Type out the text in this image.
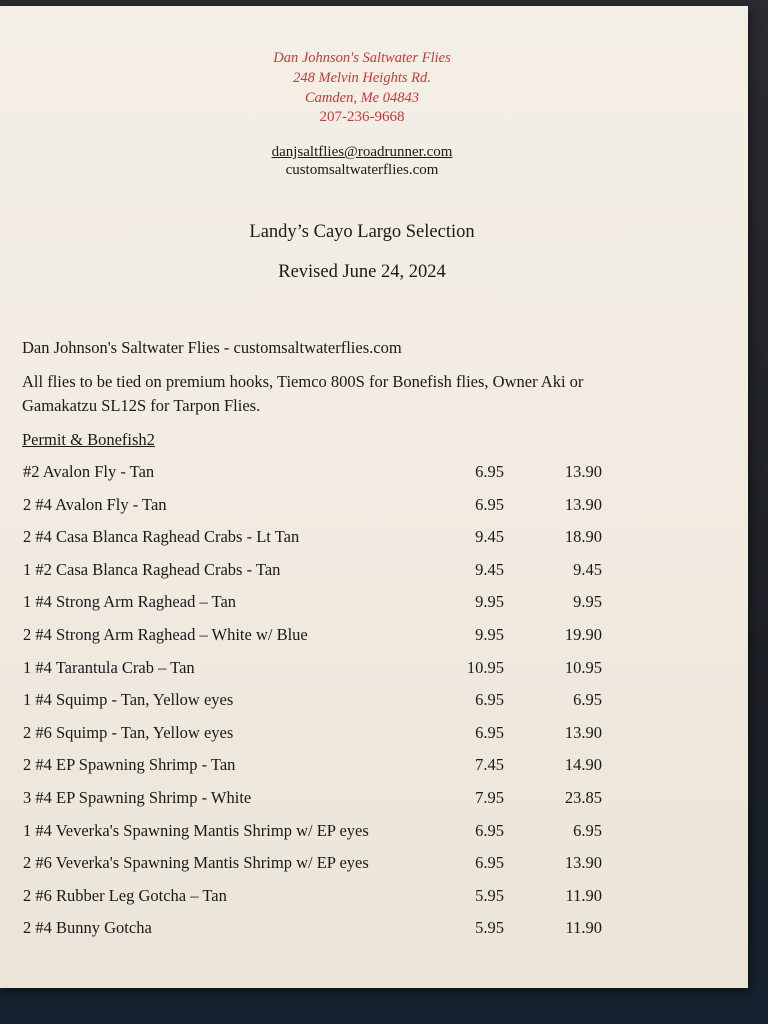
Dan Johnson's Saltwater Flies
248 Melvin Heights Rd.
Camden, Me 04843
207-236-9668
danjsaltflies@roadrunner.com
customsaltwaterflies.com
Landy’s Cayo Largo Selection
Revised June 24, 2024
Dan Johnson's Saltwater Flies - customsaltwaterflies.com
All flies to be tied on premium hooks, Tiemco 800S for Bonefish flies, Owner Aki or
Gamakatzu SL12S for Tarpon Flies.
Permit & Bonefish2
#2 Avalon Fly - Tan	6.95	13.90
2 #4 Avalon Fly - Tan	6.95	13.90
2 #4 Casa Blanca Raghead Crabs - Lt Tan	9.45	18.90
1 #2 Casa Blanca Raghead Crabs - Tan	9.45	9.45
1 #4 Strong Arm Raghead – Tan	9.95	9.95
2 #4 Strong Arm Raghead – White w/ Blue	9.95	19.90
1 #4 Tarantula Crab – Tan	10.95	10.95
1 #4 Squimp - Tan, Yellow eyes	6.95	6.95
2 #6 Squimp - Tan, Yellow eyes	6.95	13.90
2 #4 EP Spawning Shrimp - Tan	7.45	14.90
3 #4 EP Spawning Shrimp - White	7.95	23.85
1 #4 Veverka's Spawning Mantis Shrimp w/ EP eyes	6.95	6.95
2 #6 Veverka's Spawning Mantis Shrimp w/ EP eyes	6.95	13.90
2 #6 Rubber Leg Gotcha – Tan	5.95	11.90
2 #4 Bunny Gotcha	5.95	11.90
